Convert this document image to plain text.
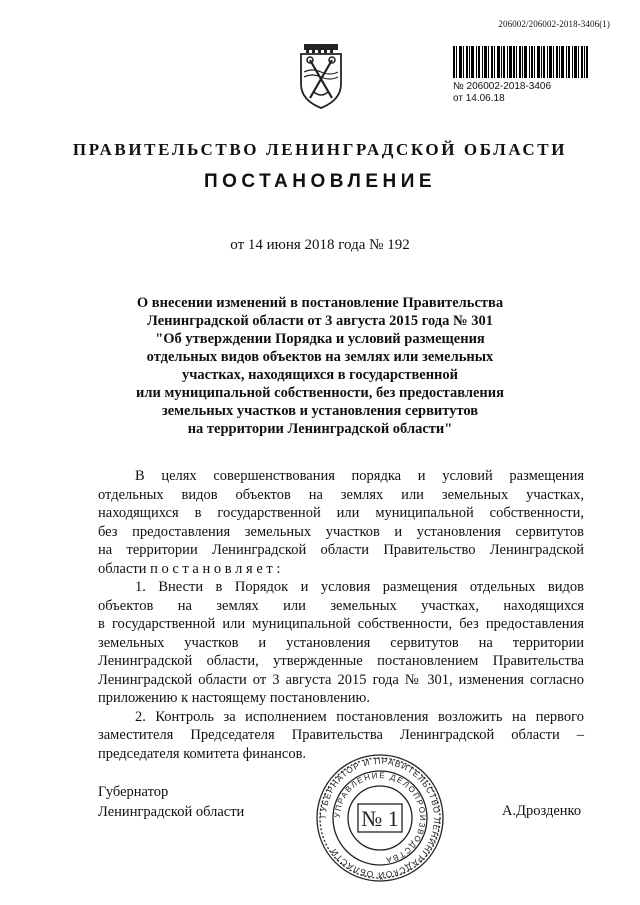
206002/206002-2018-3406(1)
№ 206002-2018-3406
от 14.06.18
ПРАВИТЕЛЬСТВО ЛЕНИНГРАДСКОЙ ОБЛАСТИ
ПОСТАНОВЛЕНИЕ
от 14 июня 2018 года № 192
О внесении изменений в постановление Правительства
Ленинградской области от 3 августа 2015 года № 301
"Об утверждении Порядка и условий размещения
отдельных видов объектов на землях или земельных
участках, находящихся в государственной
или муниципальной собственности, без предоставления
земельных участков и установления сервитутов
на территории Ленинградской области"
В целях совершенствования порядка и условий размещения
отдельных видов объектов на землях или земельных участках,
находящихся в государственной или муниципальной собственности,
без предоставления земельных участков и установления сервитутов
на территории Ленинградской области Правительство Ленинградской
области п о с т а н о в л я е т :
1. Внести в Порядок и условия размещения отдельных видов
объектов на землях или земельных участках, находящихся
в государственной или муниципальной собственности, без предоставления
земельных участков и установления сервитутов на территории
Ленинградской области, утвержденные постановлением Правительства
Ленинградской области от 3 августа 2015 года № 301, изменения согласно
приложению к настоящему постановлению.
2. Контроль за исполнением постановления возложить на первого
заместителя Председателя Правительства Ленинградской области –
председателя комитета финансов.
Губернатор
Ленинградской области	А.Дрозденко
ГУБЕРНАТОР И ПРАВИТЕЛЬСТВО ЛЕНИНГРАДСКОЙ ОБЛАСТИ
УПРАВЛЕНИЕ ДЕЛОПРОИЗВОДСТВА
№ 1
